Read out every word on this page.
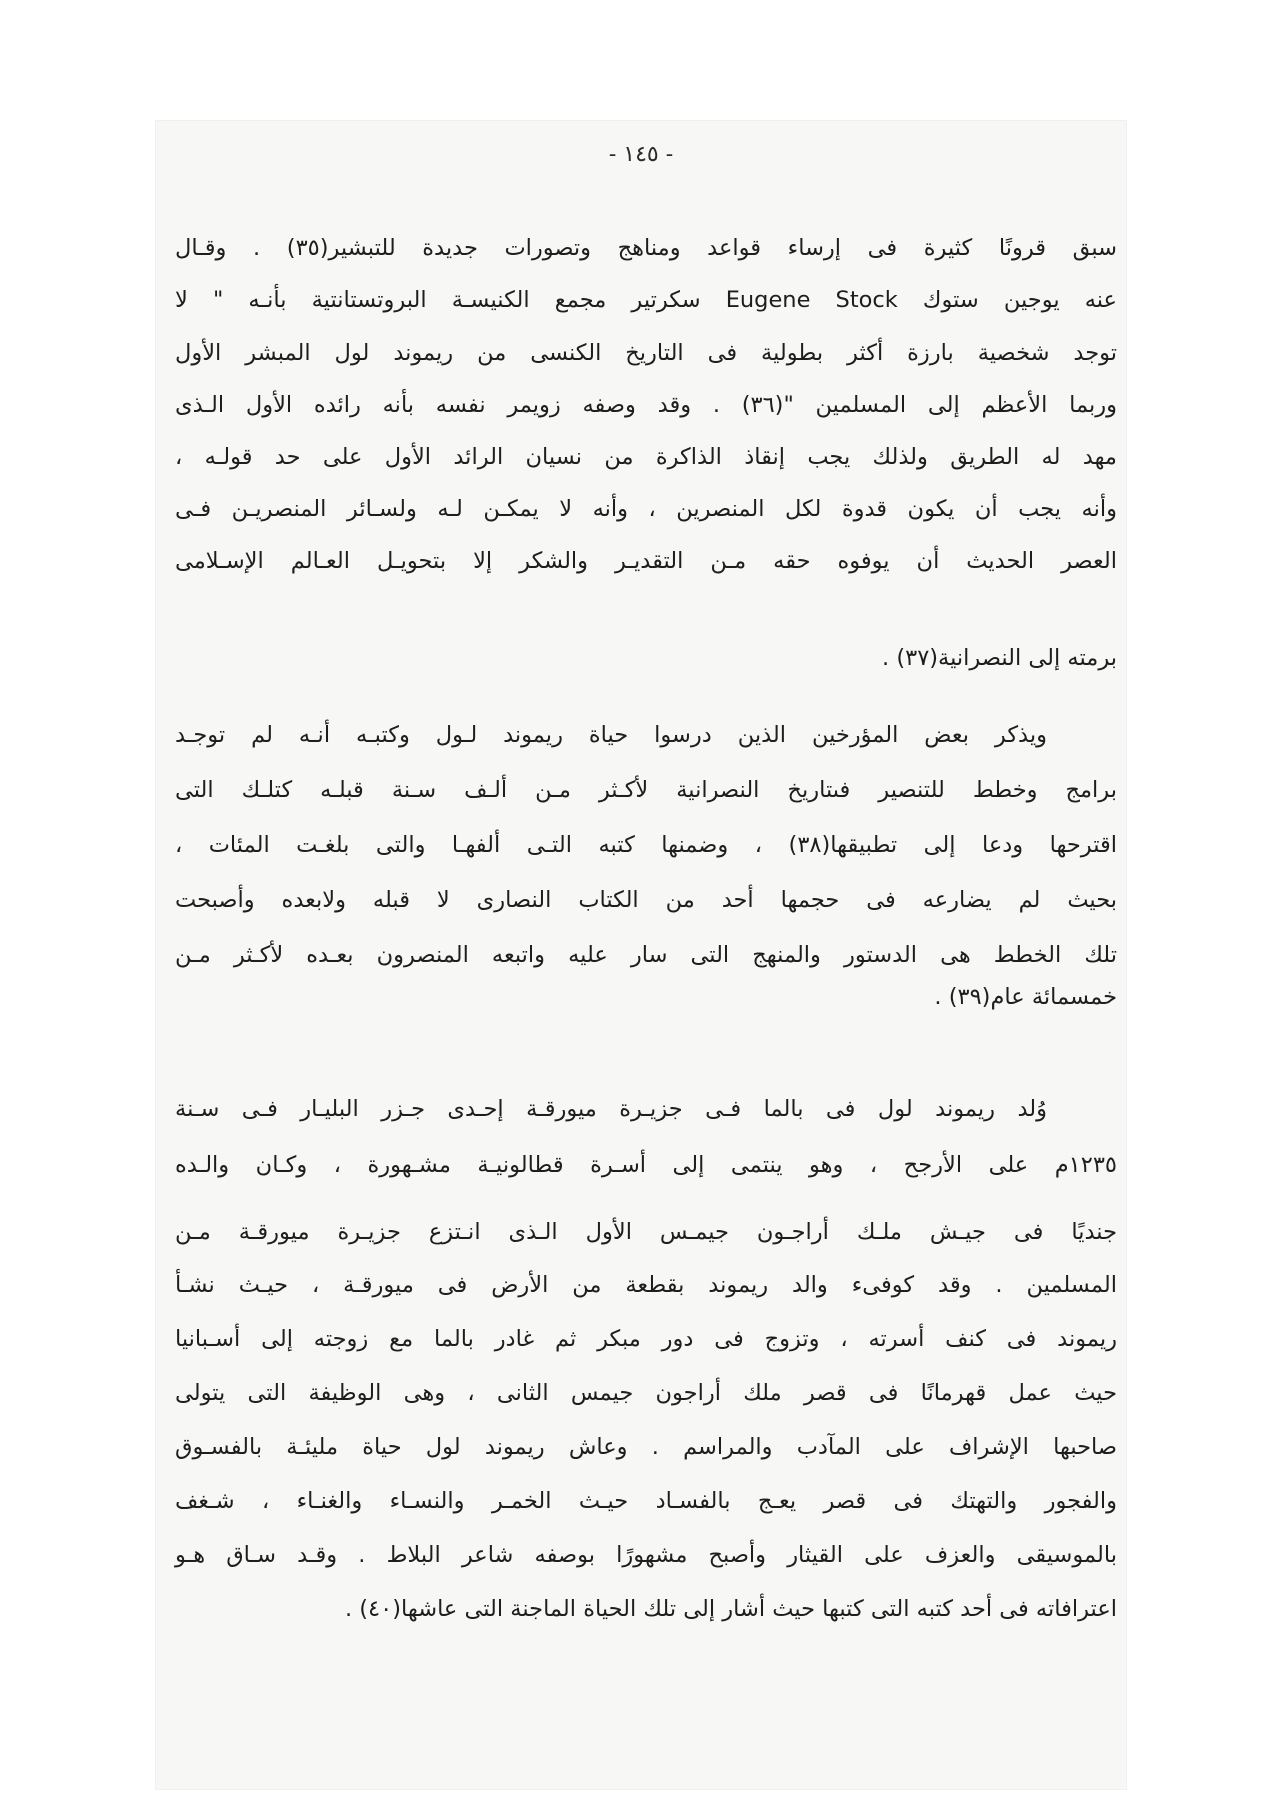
- ١٤٥ -
سبق قرونًا كثيرة فى إرساء قواعد ومناهج وتصورات جديدة للتبشير(٣٥) . وقـال
عنه يوجين ستوك Eugene Stock سكرتير مجمع الكنيسـة البروتستانتية بأنـه " لا
توجد شخصية بارزة أكثر بطولية فى التاريخ الكنسى من ريموند لول المبشر الأول
وربما الأعظم إلى المسلمين "(٣٦) . وقد وصفه زويمر نفسه بأنه رائده الأول الـذى
مهد له الطريق ولذلك يجب إنقاذ الذاكرة من نسيان الرائد الأول على حد قولـه ،
وأنه يجب أن يكون قدوة لكل المنصرين ، وأنه لا يمكـن لـه ولسـائر المنصريـن فـى
العصر الحديث أن يوفوه حقه مـن التقديـر والشكر إلا بتحويـل العـالم الإسـلامى
برمته إلى النصرانية(٣٧) .
ويذكر بعض المؤرخين الذين درسوا حياة ريموند لـول وكتبـه أنـه لم توجـد
برامج وخطط للتنصير فىتاريخ النصرانية لأكـثر مـن ألـف سـنة قبلـه كتلـك التى
اقترحها ودعا إلى تطبيقها(٣٨) ، وضمنها كتبه التـى ألفهـا والتى بلغـت المئات ،
بحيث لم يضارعه فى حجمها أحد من الكتاب النصارى لا قبله ولابعده وأصبحت
تلك الخطط هى الدستور والمنهج التى سار عليه واتبعه المنصرون بعـده لأكـثر مـن
خمسمائة عام(٣٩) .
وُلد ريموند لول فى بالما فـى جزيـرة ميورقـة إحـدى جـزر البليـار فـى سـنة
١٢٣٥م على الأرجح ، وهو ينتمى إلى أسـرة قطالونيـة مشـهورة ، وكـان والـده
جنديًا فى جيـش ملـك أراجـون جيمـس الأول الـذى انـتزع جزيـرة ميورقـة مـن
المسلمين . وقد كوفىء والد ريموند بقطعة من الأرض فى ميورقـة ، حيـث نشـأ
ريموند فى كنف أسرته ، وتزوج فى دور مبكر ثم غادر بالما مع زوجته إلى أسـبانيا
حيث عمل قهرمانًا فى قصر ملك أراجون جيمس الثانى ، وهى الوظيفة التى يتولى
صاحبها الإشراف على المآدب والمراسم . وعاش ريموند لول حياة مليئـة بالفسـوق
والفجور والتهتك فى قصر يعـج بالفسـاد حيـث الخمـر والنسـاء والغنـاء ، شـغف
بالموسيقى والعزف على القيثار وأصبح مشهورًا بوصفه شاعر البلاط . وقـد سـاق هـو
اعترافاته فى أحد كتبه التى كتبها حيث أشار إلى تلك الحياة الماجنة التى عاشها(٤٠) .
